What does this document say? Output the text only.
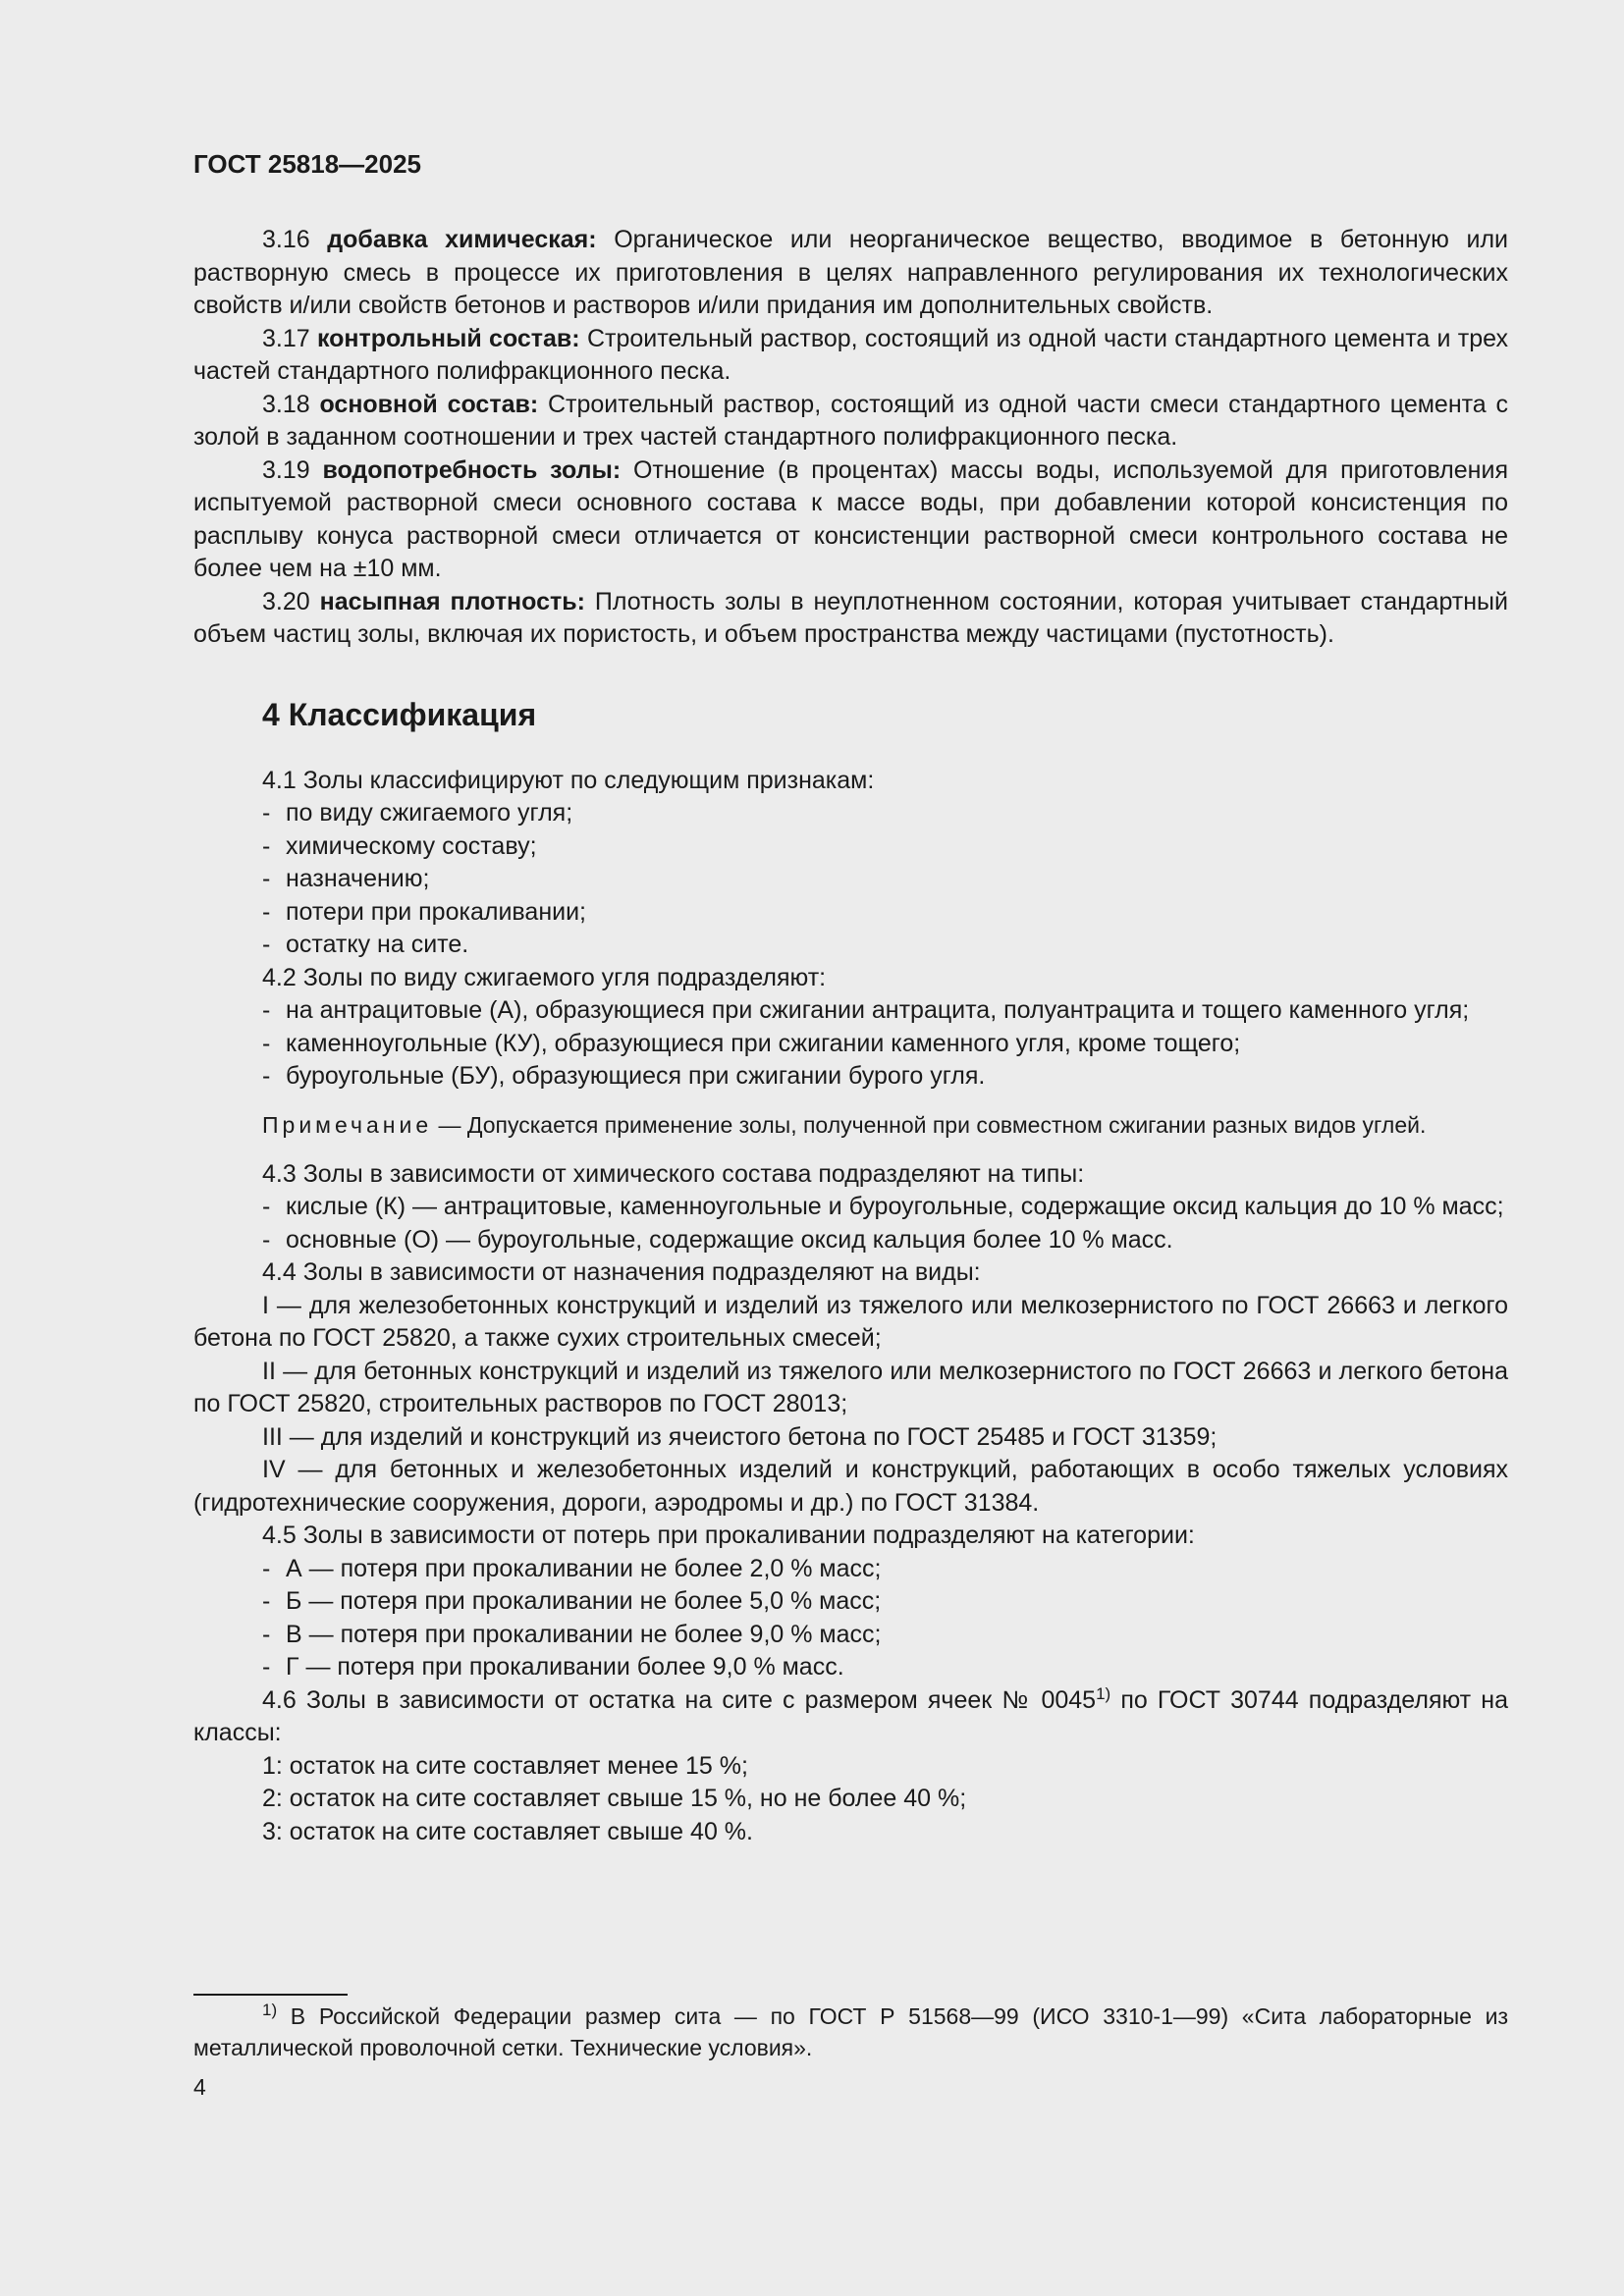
ГОСТ 25818—2025

3.16 добавка химическая: Органическое или неорганическое вещество, вводимое в бетонную или растворную смесь в процессе их приготовления в целях направленного регулирования их технологических свойств и/или свойств бетонов и растворов и/или придания им дополнительных свойств.

3.17 контрольный состав: Строительный раствор, состоящий из одной части стандартного цемента и трех частей стандартного полифракционного песка.

3.18 основной состав: Строительный раствор, состоящий из одной части смеси стандартного цемента с золой в заданном соотношении и трех частей стандартного полифракционного песка.

3.19 водопотребность золы: Отношение (в процентах) массы воды, используемой для приготовления испытуемой растворной смеси основного состава к массе воды, при добавлении которой консистенция по расплыву конуса растворной смеси отличается от консистенции растворной смеси контрольного состава не более чем на ±10 мм.

3.20 насыпная плотность: Плотность золы в неуплотненном состоянии, которая учитывает стандартный объем частиц золы, включая их пористость, и объем пространства между частицами (пустотность).

4 Классификация

4.1 Золы классифицируют по следующим признакам:

- по виду сжигаемого угля;

- химическому составу;

- назначению;

- потери при прокаливании;

- остатку на сите.

4.2 Золы по виду сжигаемого угля подразделяют:

- на антрацитовые (А), образующиеся при сжигании антрацита, полуантрацита и тощего каменного угля;

- каменноугольные (КУ), образующиеся при сжигании каменного угля, кроме тощего;

- буроугольные (БУ), образующиеся при сжигании бурого угля.

Примечание — Допускается применение золы, полученной при совместном сжигании разных видов углей.

4.3 Золы в зависимости от химического состава подразделяют на типы:

- кислые (К) — антрацитовые, каменноугольные и буроугольные, содержащие оксид кальция до 10 % масс;

- основные (О) — буроугольные, содержащие оксид кальция более 10 % масс.

4.4 Золы в зависимости от назначения подразделяют на виды:

I — для железобетонных конструкций и изделий из тяжелого или мелкозернистого по ГОСТ 26663 и легкого бетона по ГОСТ 25820, а также сухих строительных смесей;

II — для бетонных конструкций и изделий из тяжелого или мелкозернистого по ГОСТ 26663 и легкого бетона по ГОСТ 25820, строительных растворов по ГОСТ 28013;

III — для изделий и конструкций из ячеистого бетона по ГОСТ 25485 и ГОСТ 31359;

IV — для бетонных и железобетонных изделий и конструкций, работающих в особо тяжелых условиях (гидротехнические сооружения, дороги, аэродромы и др.) по ГОСТ 31384.

4.5 Золы в зависимости от потерь при прокаливании подразделяют на категории:

- А — потеря при прокаливании не более 2,0 % масс;

- Б — потеря при прокаливании не более 5,0 % масс;

- В — потеря при прокаливании не более 9,0 % масс;

- Г — потеря при прокаливании более 9,0 % масс.

4.6 Золы в зависимости от остатка на сите с размером ячеек № 0045$^{1)}$ по ГОСТ 30744 подразделяют на классы:

1: остаток на сите составляет менее 15 %;

2: остаток на сите составляет свыше 15 %, но не более 40 %;

3: остаток на сите составляет свыше 40 %.

$^{1)}$ В Российской Федерации размер сита — по ГОСТ Р 51568—99 (ИСО 3310-1—99) «Сита лабораторные из металлической проволочной сетки. Технические условия».

4
